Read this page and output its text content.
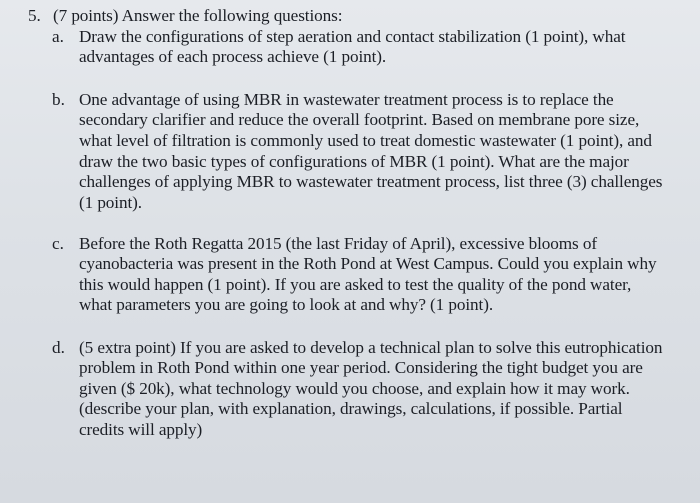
5. (7 points) Answer the following questions:
a. Draw the configurations of step aeration and contact stabilization (1 point), what
advantages of each process achieve (1 point).
b. One advantage of using MBR in wastewater treatment process is to replace the
secondary clarifier and reduce the overall footprint. Based on membrane pore size,
what level of filtration is commonly used to treat domestic wastewater (1 point), and
draw the two basic types of configurations of MBR (1 point). What are the major
challenges of applying MBR to wastewater treatment process, list three (3) challenges
(1 point).
c. Before the Roth Regatta 2015 (the last Friday of April), excessive blooms of
cyanobacteria was present in the Roth Pond at West Campus. Could you explain why
this would happen (1 point). If you are asked to test the quality of the pond water,
what parameters you are going to look at and why? (1 point).
d. (5 extra point) If you are asked to develop a technical plan to solve this eutrophication
problem in Roth Pond within one year period. Considering the tight budget you are
given ($ 20k), what technology would you choose, and explain how it may work.
(describe your plan, with explanation, drawings, calculations, if possible. Partial
credits will apply)
